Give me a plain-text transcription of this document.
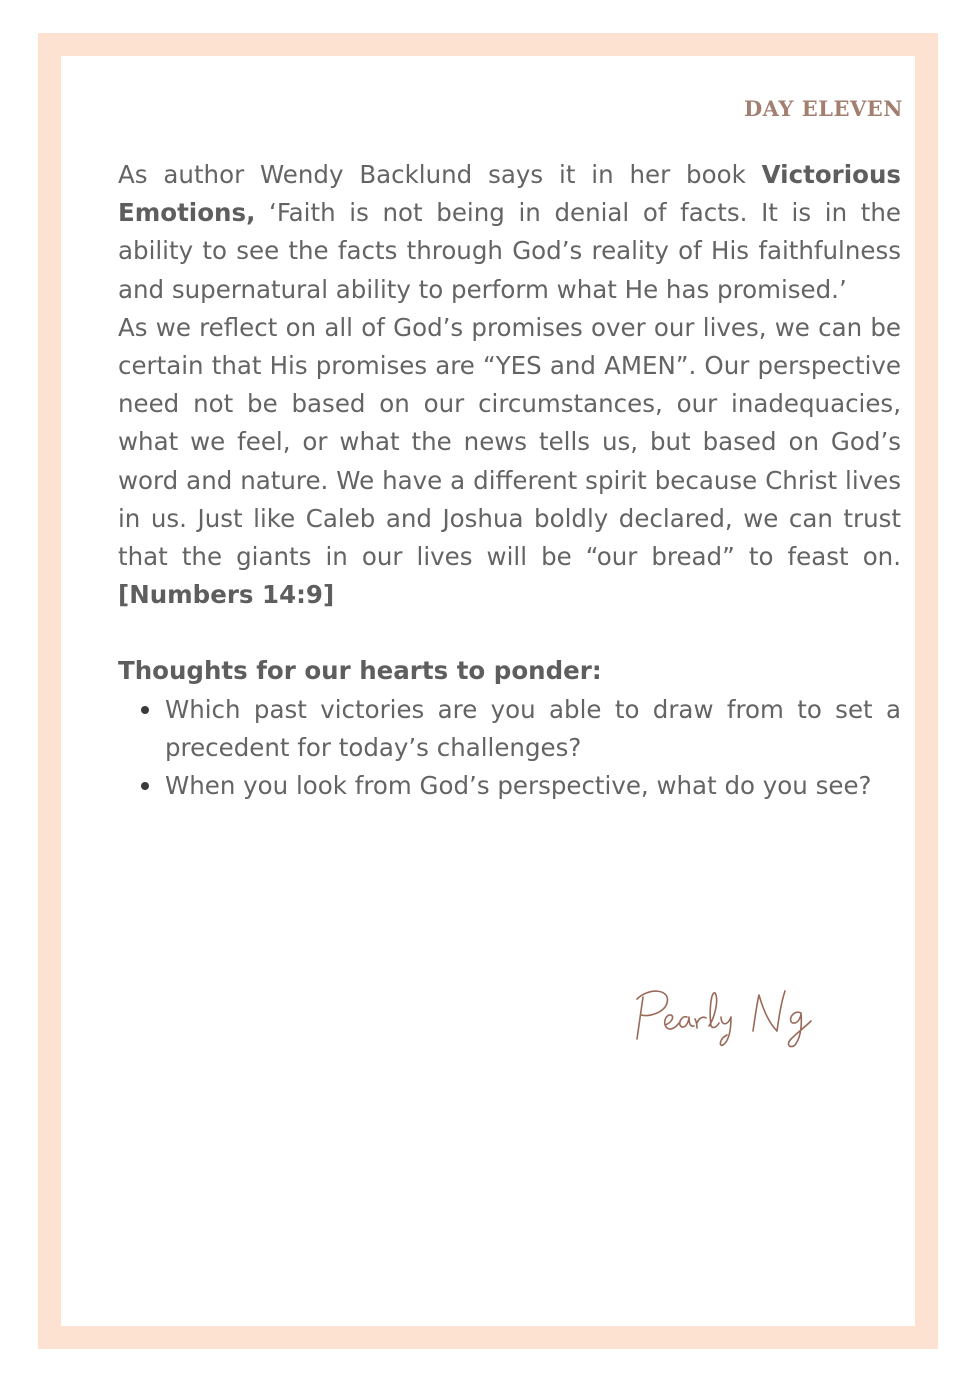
DAY ELEVEN

As author Wendy Backlund says it in her book Victorious Emotions, ‘Faith is not being in denial of facts. It is in the ability to see the facts through God’s reality of His faithfulness and supernatural ability to perform what He has promised.’

As we reflect on all of God’s promises over our lives, we can be certain that His promises are “YES and AMEN”. Our perspective need not be based on our circumstances, our inadequacies, what we feel, or what the news tells us, but based on God’s word and nature. We have a different spirit because Christ lives in us. Just like Caleb and Joshua boldly declared, we can trust that the giants in our lives will be “our bread” to feast on. [Numbers 14:9]

Thoughts for our hearts to ponder:

Which past victories are you able to draw from to set a precedent for today’s challenges?
When you look from God’s perspective, what do you see?
